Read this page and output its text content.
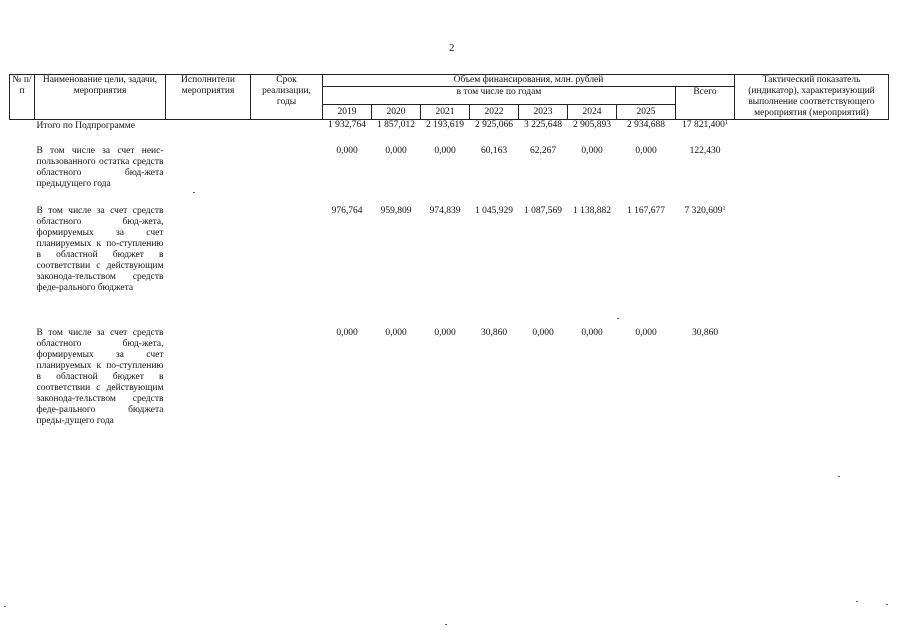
2
№ п/п	Наименование цели, задачи, мероприятия	Исполнители мероприятия	Срок реализации, годы	Объем финансирования, млн. рублей								Тактический показатель (индикатор), характеризующий выполнение соответствующего мероприятия (мероприятий)
				в том числе по годам							Всего	
				2019	2020	2021	2022	2023	2024	2025		
	Итого по Подпрограмме			1 932,764	1 857,012	2 193,619	2 925,066	3 225,648	2 905,893	2 934,688	17 821,400$^1$	
	В том числе за счет неис-пользованного остатка средств областного бюд-жета предыдущего года			0,000	0,000	0,000	60,163	62,267	0,000	0,000	122,430	
	В том числе за счет средств областного бюд-жета, формируемых за счет планируемых к по-ступлению в областной бюджет в соответствии с действующим законода-тельством средств феде-рального бюджета			976,764	959,809	974,839	1 045,929	1 087,569	1 138,882	1 167,677	7 320,609$^1$	
	В том числе за счет средств областного бюд-жета, формируемых за счет планируемых к по-ступлению в областной бюджет в соответствии с действующим законода-тельством средств феде-рального бюджета преды-дущего года			0,000	0,000	0,000	30,860	0,000	0,000	0,000	30,860	
